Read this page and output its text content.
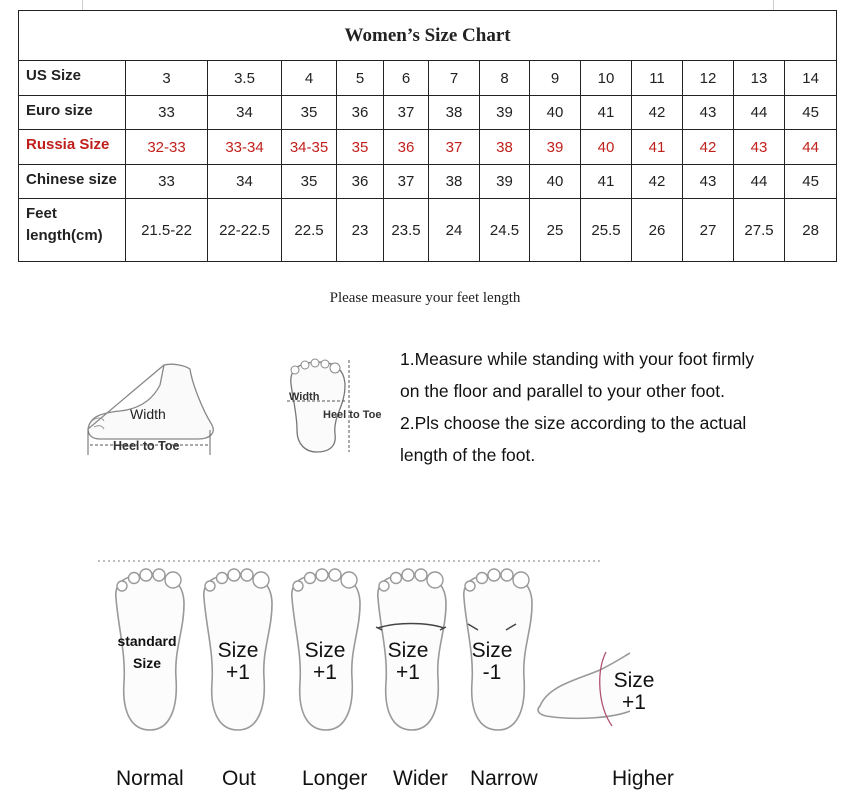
Women’s Size Chart													
US Size	3	3.5	4	5	6	7	8	9	10	11	12	13	14
Euro size	33	34	35	36	37	38	39	40	41	42	43	44	45
Russia Size	32-33	33-34	34-35	35	36	37	38	39	40	41	42	43	44
Chinese size	33	34	35	36	37	38	39	40	41	42	43	44	45
Feet length(cm)	21.5-22	22-22.5	22.5	23	23.5	24	24.5	25	25.5	26	27	27.5	28
Please measure your feet length
Width
Heel to Toe
Width
Heel to Toe
1.Measure while standing with your foot firmly
on the floor and parallel to your other foot.
2.Pls choose the size according to the actual
length of the foot.
standard
Size
Size
+1
Size
+1
Size
+1
Size
-1	Size
+1
Normal Out Longer Wider Narrow	Higher
